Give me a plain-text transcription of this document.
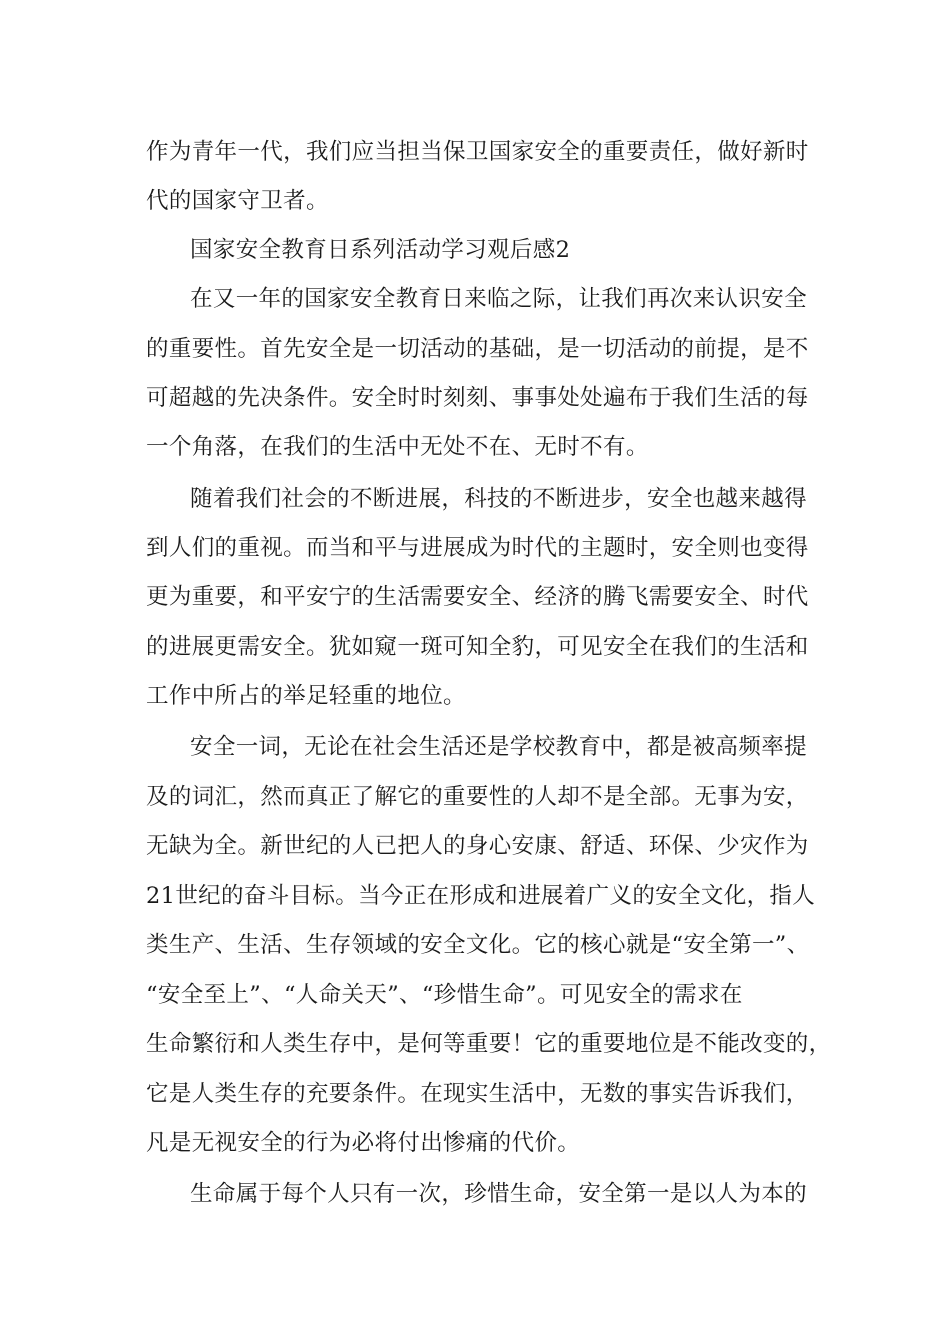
作为青年一代，我们应当担当保卫国家安全的重要责任，做好新时
代的国家守卫者。
国家安全教育日系列活动学习观后感2
在又一年的国家安全教育日来临之际，让我们再次来认识安全
的重要性。首先安全是一切活动的基础，是一切活动的前提，是不
可超越的先决条件。安全时时刻刻、事事处处遍布于我们生活的每
一个角落，在我们的生活中无处不在、无时不有。
随着我们社会的不断进展，科技的不断进步，安全也越来越得
到人们的重视。而当和平与进展成为时代的主题时，安全则也变得
更为重要，和平安宁的生活需要安全、经济的腾飞需要安全、时代
的进展更需安全。犹如窥一斑可知全豹，可见安全在我们的生活和
工作中所占的举足轻重的地位。
安全一词，无论在社会生活还是学校教育中，都是被高频率提
及的词汇，然而真正了解它的重要性的人却不是全部。无事为安，
无缺为全。新世纪的人已把人的身心安康、舒适、环保、少灾作为
21世纪的奋斗目标。当今正在形成和进展着广义的安全文化，指人
类生产、生活、生存领域的安全文化。它的核心就是“安全第一”、
“安全至上”、“人命关天”、“珍惜生命”。可见安全的需求在
生命繁衍和人类生存中，是何等重要！它的重要地位是不能改变的，
它是人类生存的充要条件。在现实生活中，无数的事实告诉我们，
凡是无视安全的行为必将付出惨痛的代价。
生命属于每个人只有一次，珍惜生命，安全第一是以人为本的
